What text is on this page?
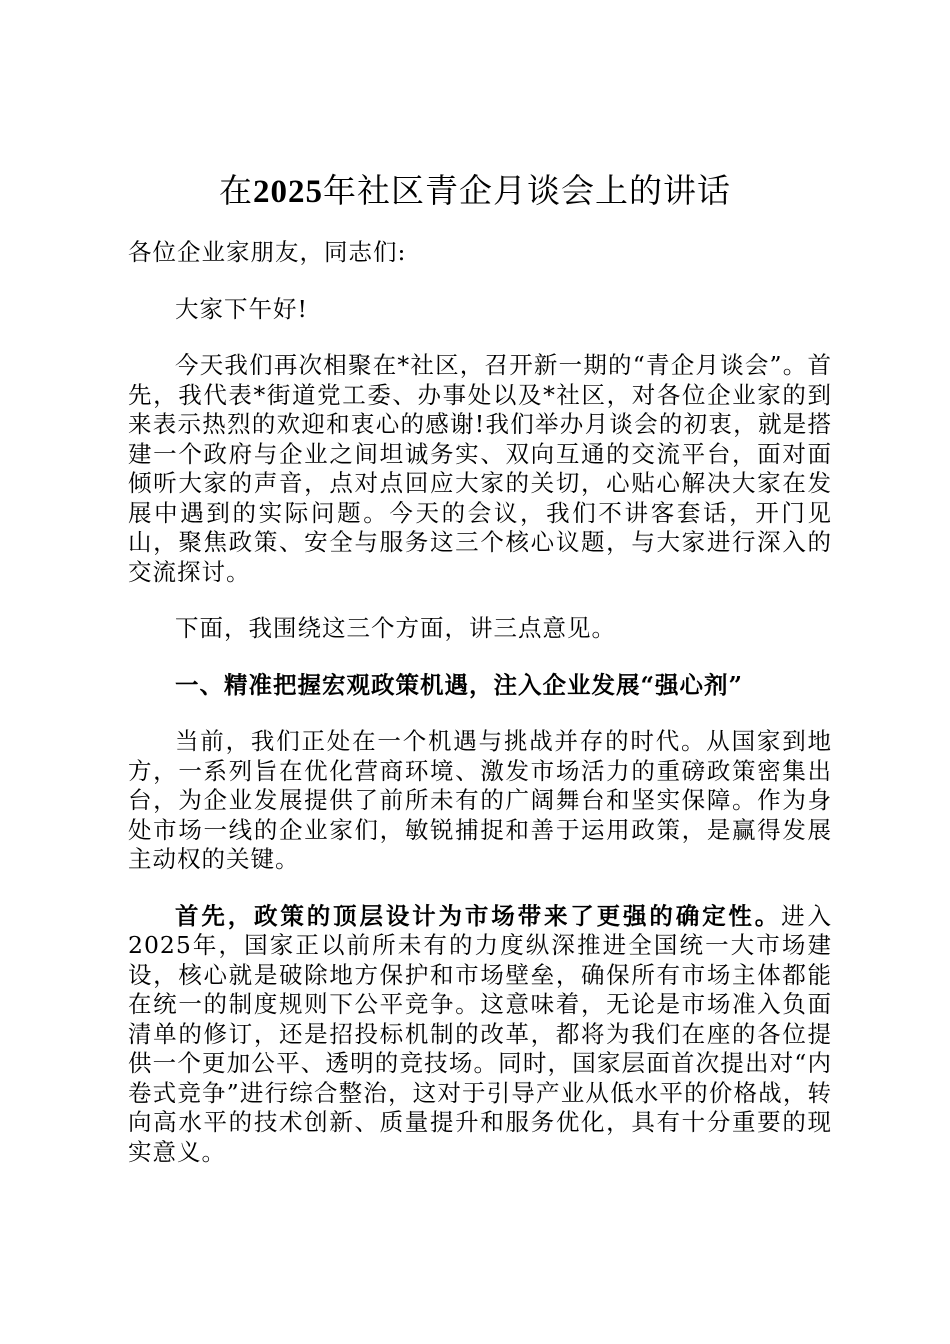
在2025年社区青企月谈会上的讲话

各位企业家朋友，同志们:

大家下午好!

今天我们再次相聚在*社区，召开新一期的“青企月谈会”。首先，我代表*街道党工委、办事处以及*社区，对各位企业家的到来表示热烈的欢迎和衷心的感谢!我们举办月谈会的初衷，就是搭建一个政府与企业之间坦诚务实、双向互通的交流平台，面对面倾听大家的声音，点对点回应大家的关切，心贴心解决大家在发展中遇到的实际问题。今天的会议，我们不讲客套话，开门见山，聚焦政策、安全与服务这三个核心议题，与大家进行深入的交流探讨。

下面，我围绕这三个方面，讲三点意见。

一、精准把握宏观政策机遇，注入企业发展“强心剂”

当前，我们正处在一个机遇与挑战并存的时代。从国家到地方，一系列旨在优化营商环境、激发市场活力的重磅政策密集出台，为企业发展提供了前所未有的广阔舞台和坚实保障。作为身处市场一线的企业家们，敏锐捕捉和善于运用政策，是赢得发展主动权的关键。

首先，政策的顶层设计为市场带来了更强的确定性。进入2025年，国家正以前所未有的力度纵深推进全国统一大市场建设，核心就是破除地方保护和市场壁垒，确保所有市场主体都能在统一的制度规则下公平竞争。这意味着，无论是市场准入负面清单的修订，还是招投标机制的改革，都将为我们在座的各位提供一个更加公平、透明的竞技场。同时，国家层面首次提出对“内卷式竞争”进行综合整治，这对于引导产业从低水平的价格战，转向高水平的技术创新、质量提升和服务优化，具有十分重要的现实意义。
